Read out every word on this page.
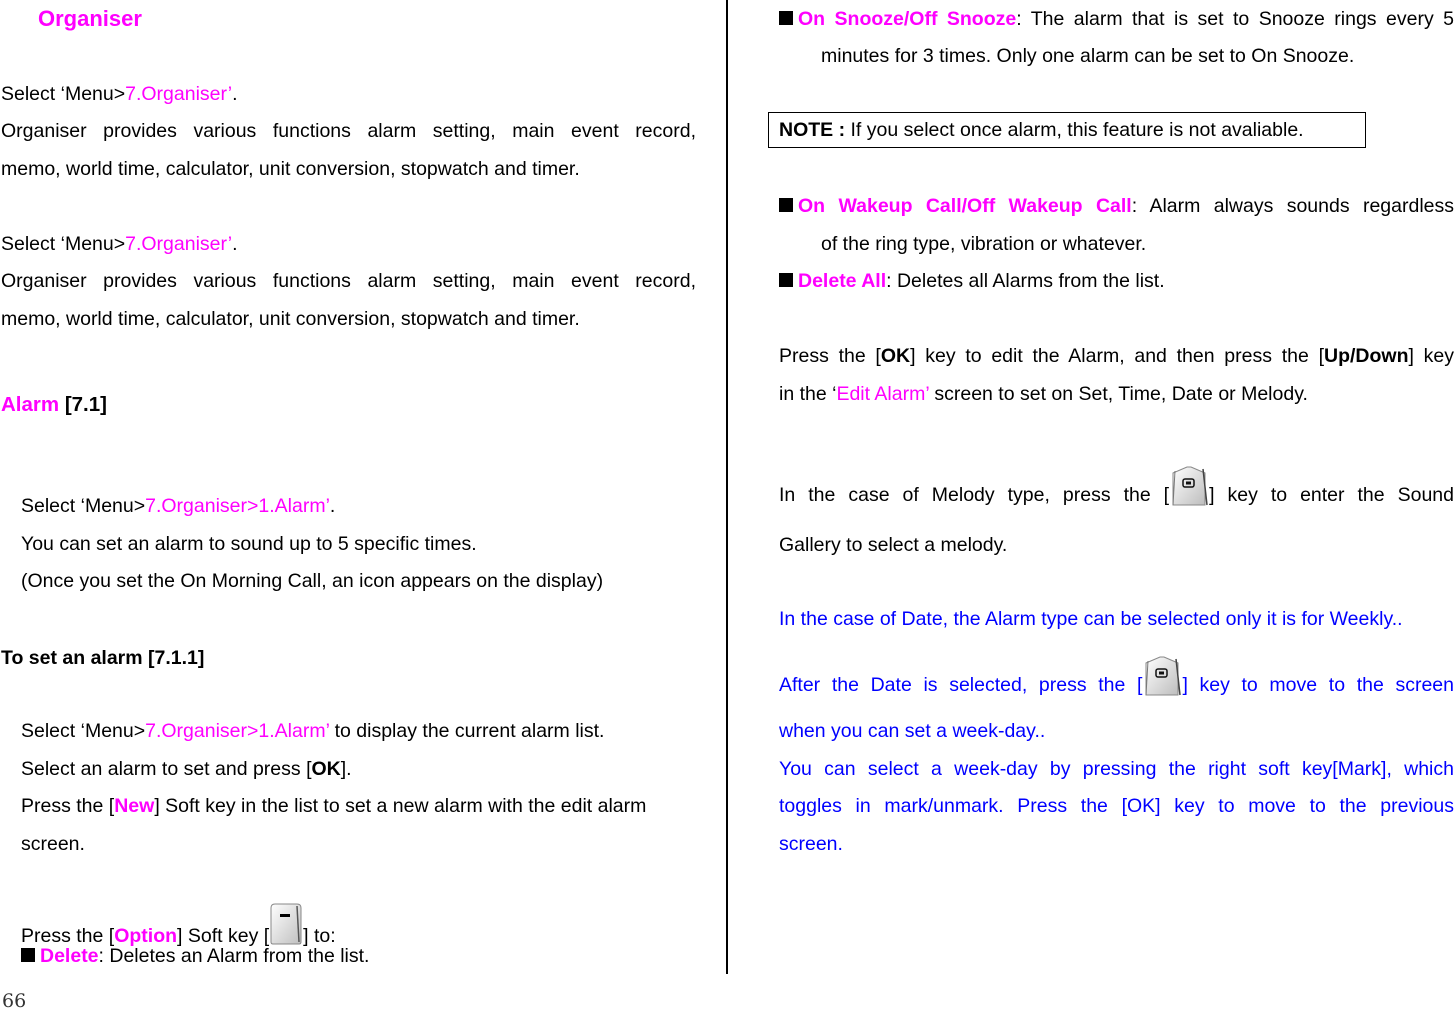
Organiser
Select ‘Menu>7.Organiser’.
Organiser provides various functions alarm setting, main event record,
memo, world time, calculator, unit conversion, stopwatch and timer.
Select ‘Menu>7.Organiser’.
Organiser provides various functions alarm setting, main event record,
memo, world time, calculator, unit conversion, stopwatch and timer.
Alarm [7.1]
Select ‘Menu>7.Organiser>1.Alarm’.
You can set an alarm to sound up to 5 specific times.
(Once you set the On Morning Call, an icon appears on the display)
To set an alarm [7.1.1]
Select ‘Menu>7.Organiser>1.Alarm’ to display the current alarm list.
Select an alarm to set and press [OK].
Press the [New] Soft key in the list to set a new alarm with the edit alarm
screen.
Press the [Option] Soft key [ ] to:
Delete: Deletes an Alarm from the list.
66
On Snooze/Off Snooze: The alarm that is set to Snooze rings every 5
minutes for 3 times. Only one alarm can be set to On Snooze.
NOTE : If you select once alarm, this feature is not avaliable.
On Wakeup Call/Off Wakeup Call: Alarm always sounds regardless
of the ring type, vibration or whatever.
Delete All: Deletes all Alarms from the list.
Press the [OK] key to edit the Alarm, and then press the [Up/Down] key
in the ‘Edit Alarm’ screen to set on Set, Time, Date or Melody.
In the case of Melody type, press the [ ] key to enter the Sound
Gallery to select a melody.
In the case of Date, the Alarm type can be selected only it is for Weekly..
After the Date is selected, press the [ ] key to move to the screen
when you can set a week-day..
You can select a week-day by pressing the right soft key[Mark], which
toggles in mark/unmark. Press the [OK] key to move to the previous
screen.
